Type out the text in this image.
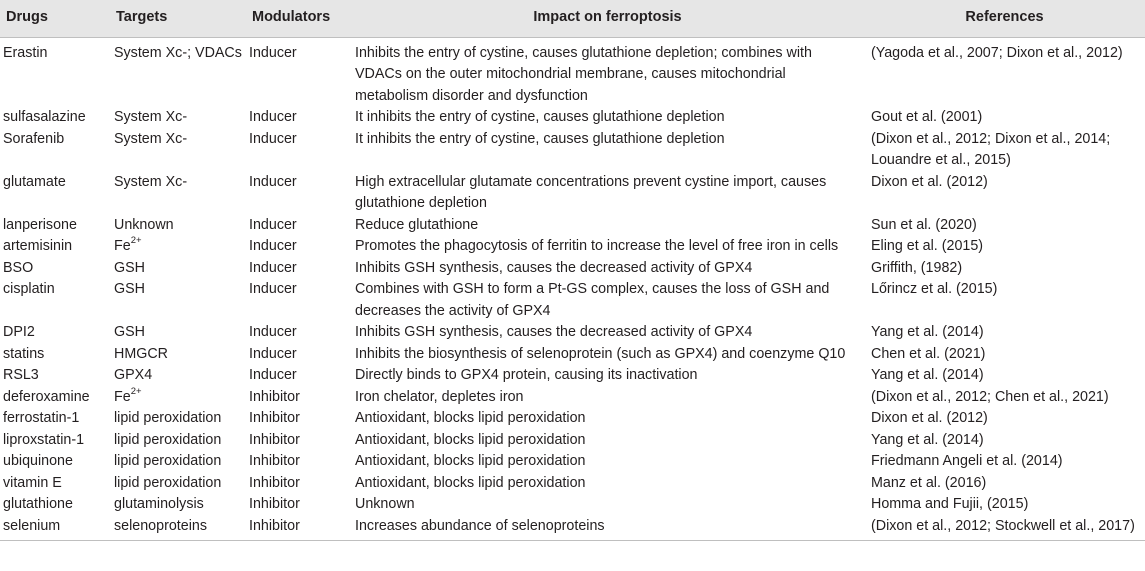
Drugs	Targets	Modulators	Impact on ferroptosis	References
Erastin	System Xc-; VDACs	Inducer	Inhibits the entry of cystine, causes glutathione depletion; combines with VDACs on the outer mitochondrial membrane, causes mitochondrial metabolism disorder and dysfunction	(Yagoda et al., 2007; Dixon et al., 2012)
sulfasalazine	System Xc-	Inducer	It inhibits the entry of cystine, causes glutathione depletion	Gout et al. (2001)
Sorafenib	System Xc-	Inducer	It inhibits the entry of cystine, causes glutathione depletion	(Dixon et al., 2012; Dixon et al., 2014; Louandre et al., 2015)
glutamate	System Xc-	Inducer	High extracellular glutamate concentrations prevent cystine import, causes glutathione depletion	Dixon et al. (2012)
lanperisone	Unknown	Inducer	Reduce glutathione	Sun et al. (2020)
artemisinin	$Fe^{2+}$	Inducer	Promotes the phagocytosis of ferritin to increase the level of free iron in cells	Eling et al. (2015)
BSO	GSH	Inducer	Inhibits GSH synthesis, causes the decreased activity of GPX4	Griffith, (1982)
cisplatin	GSH	Inducer	Combines with GSH to form a Pt-GS complex, causes the loss of GSH and decreases the activity of GPX4	Lőrincz et al. (2015)
DPI2	GSH	Inducer	Inhibits GSH synthesis, causes the decreased activity of GPX4	Yang et al. (2014)
statins	HMGCR	Inducer	Inhibits the biosynthesis of selenoprotein (such as GPX4) and coenzyme Q10	Chen et al. (2021)
RSL3	GPX4	Inducer	Directly binds to GPX4 protein, causing its inactivation	Yang et al. (2014)
deferoxamine	$Fe^{2+}$	Inhibitor	Iron chelator, depletes iron	(Dixon et al., 2012; Chen et al., 2021)
ferrostatin-1	lipid peroxidation	Inhibitor	Antioxidant, blocks lipid peroxidation	Dixon et al. (2012)
liproxstatin-1	lipid peroxidation	Inhibitor	Antioxidant, blocks lipid peroxidation	Yang et al. (2014)
ubiquinone	lipid peroxidation	Inhibitor	Antioxidant, blocks lipid peroxidation	Friedmann Angeli et al. (2014)
vitamin E	lipid peroxidation	Inhibitor	Antioxidant, blocks lipid peroxidation	Manz et al. (2016)
glutathione	glutaminolysis	Inhibitor	Unknown	Homma and Fujii, (2015)
selenium	selenoproteins	Inhibitor	Increases abundance of selenoproteins	(Dixon et al., 2012; Stockwell et al., 2017)
